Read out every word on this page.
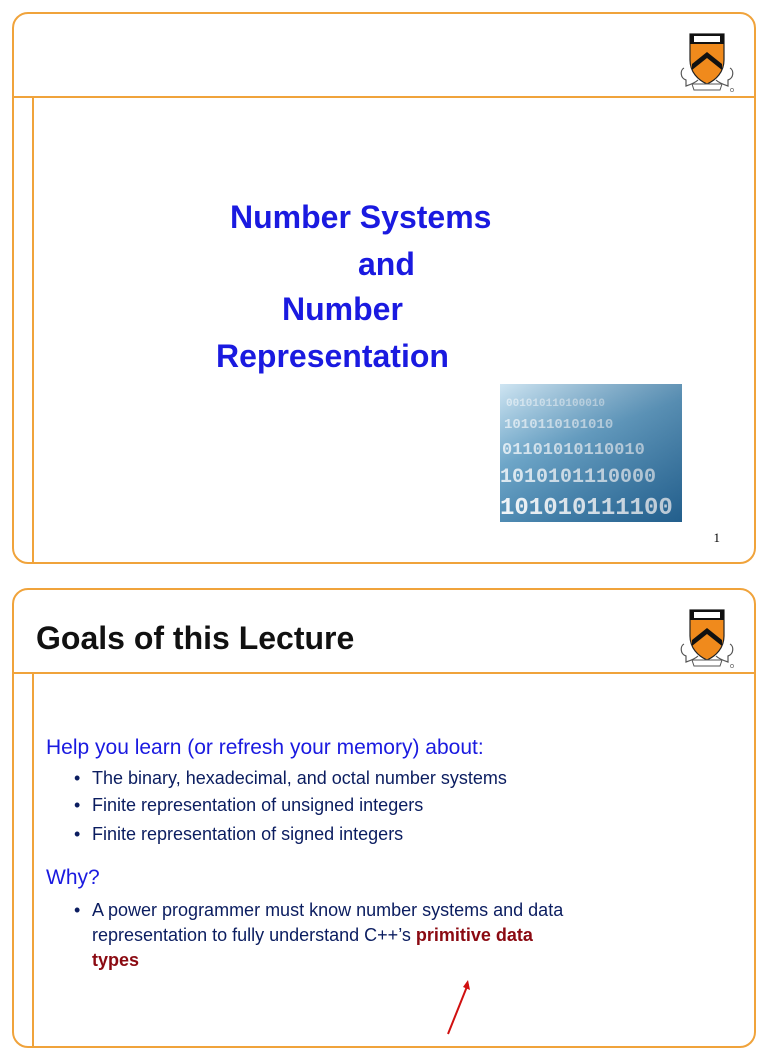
Number Systems
and
Number
Representation
1
Goals of this Lecture
Help you learn (or refresh your memory) about:
• The binary, hexadecimal, and octal number systems
• Finite representation of unsigned integers
• Finite representation of signed integers
Why?
• A power programmer must know number systems and data
representation to fully understand C++’s primitive data
types
